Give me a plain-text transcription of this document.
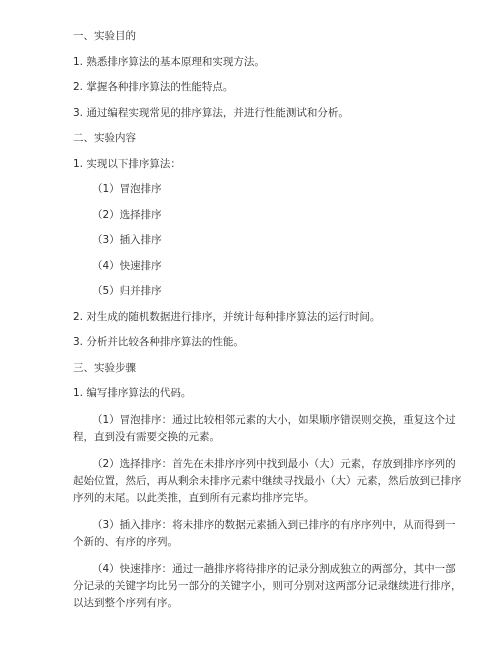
一、实验目的

1. 熟悉排序算法的基本原理和实现方法。

2. 掌握各种排序算法的性能特点。

3. 通过编程实现常见的排序算法，并进行性能测试和分析。

二、实验内容

1. 实现以下排序算法：

（1）冒泡排序

（2）选择排序

（3）插入排序

（4）快速排序

（5）归并排序

2. 对生成的随机数据进行排序，并统计每种排序算法的运行时间。

3. 分析并比较各种排序算法的性能。

三、实验步骤

1. 编写排序算法的代码。

（1）冒泡排序：通过比较相邻元素的大小，如果顺序错误则交换，重复这个过程，直到没有需要交换的元素。

（2）选择排序：首先在未排序序列中找到最小（大）元素，存放到排序序列的起始位置，然后，再从剩余未排序元素中继续寻找最小（大）元素，然后放到已排序序列的末尾。以此类推，直到所有元素均排序完毕。

（3）插入排序：将未排序的数据元素插入到已排序的有序序列中，从而得到一个新的、有序的序列。

（4）快速排序：通过一趟排序将待排序的记录分割成独立的两部分，其中一部分记录的关键字均比另一部分的关键字小，则可分别对这两部分记录继续进行排序，以达到整个序列有序。
